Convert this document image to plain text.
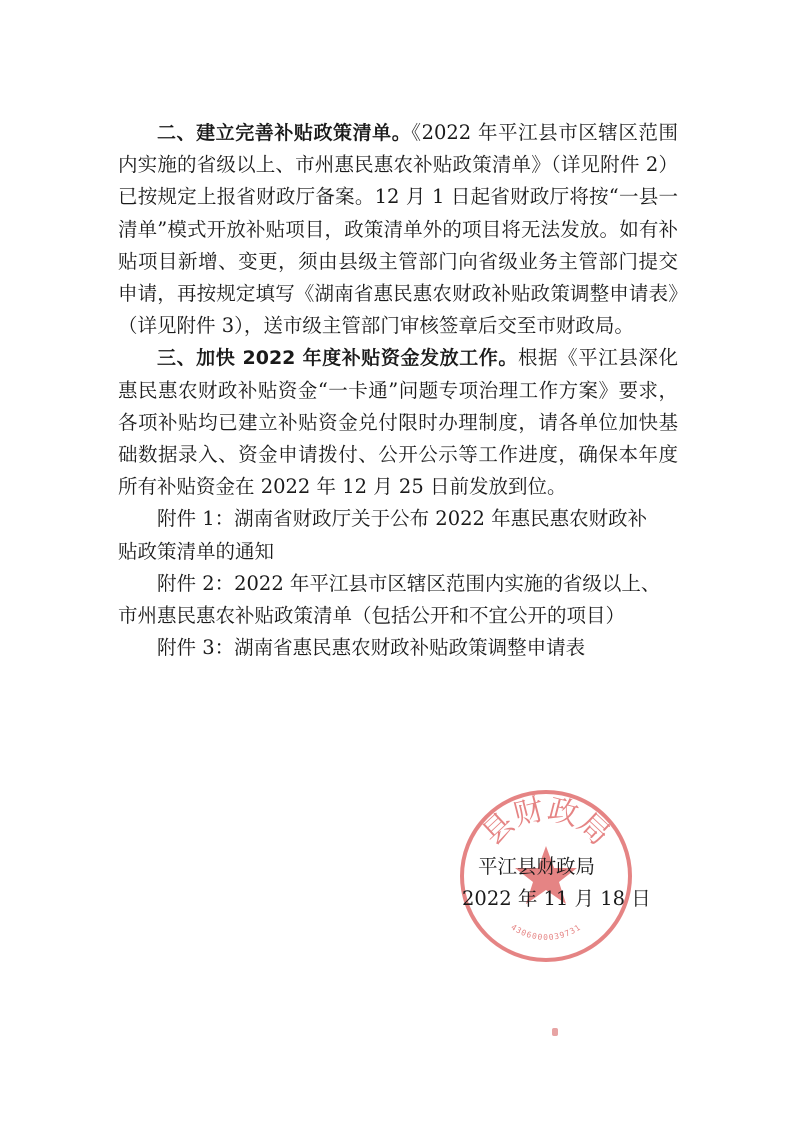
二、建立完善补贴政策清单。《2022 年平江县市区辖区范围内实施的省级以上、市州惠民惠农补贴政策清单》（详见附件 2）已按规定上报省财政厅备案。12 月 1 日起省财政厅将按“一县一清单”模式开放补贴项目，政策清单外的项目将无法发放。如有补贴项目新增、变更，须由县级主管部门向省级业务主管部门提交申请，再按规定填写《湖南省惠民惠农财政补贴政策调整申请表》（详见附件 3），送市级主管部门审核签章后交至市财政局。

三、加快 2022 年度补贴资金发放工作。根据《平江县深化惠民惠农财政补贴资金“一卡通”问题专项治理工作方案》要求，各项补贴均已建立补贴资金兑付限时办理制度，请各单位加快基础数据录入、资金申请拨付、公开公示等工作进度，确保本年度所有补贴资金在 2022 年 12 月 25 日前发放到位。

附件 1：湖南省财政厅关于公布 2022 年惠民惠农财政补
贴政策清单的通知

附件 2：2022 年平江县市区辖区范围内实施的省级以上、
市州惠民惠农补贴政策清单（包括公开和不宜公开的项目）

附件 3：湖南省惠民惠农财政补贴政策调整申请表

县财政局
4306000039731
平江县财政局
2022 年 11 月 18 日
